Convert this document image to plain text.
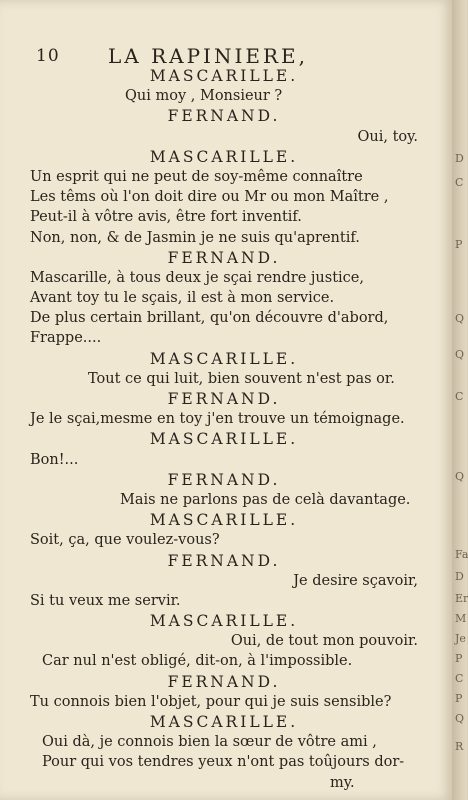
10 LA RAPINIERE,
MASCARILLE.
Qui moy , Monsieur ?
FERNAND.
Oui, toy.
MASCARILLE.
Un esprit qui ne peut de soy-même connaître
Les têms où l'on doit dire ou Mr ou mon Maître ,
Peut-il à vôtre avis, être fort inventif.
Non, non, & de Jasmin je ne suis qu'aprentif.
FERNAND.
Mascarille, à tous deux je sçai rendre justice,
Avant toy tu le sçais, il est à mon service.
De plus certain brillant, qu'on découvre d'abord,
Frappe....
MASCARILLE.
Tout ce qui luit, bien souvent n'est pas or.
FERNAND.
Je le sçai,mesme en toy j'en trouve un témoignage.
MASCARILLE.
Bon!...
FERNAND.
Mais ne parlons pas de celà davantage.
MASCARILLE.
Soit, ça, que voulez-vous?
FERNAND.
Je desire sçavoir,
Si tu veux me servir.
MASCARILLE.
Oui, de tout mon pouvoir.
Car nul n'est obligé, dit-on, à l'impossible.
FERNAND.
Tu connois bien l'objet, pour qui je suis sensible?
MASCARILLE.
Oui dà, je connois bien la sœur de vôtre ami ,
Pour qui vos tendres yeux n'ont pas toûjours dor-
my.
D
C
P
Q
Q
C
Q
Fa
D
Er
M
Je
P
C
P
Q
R
